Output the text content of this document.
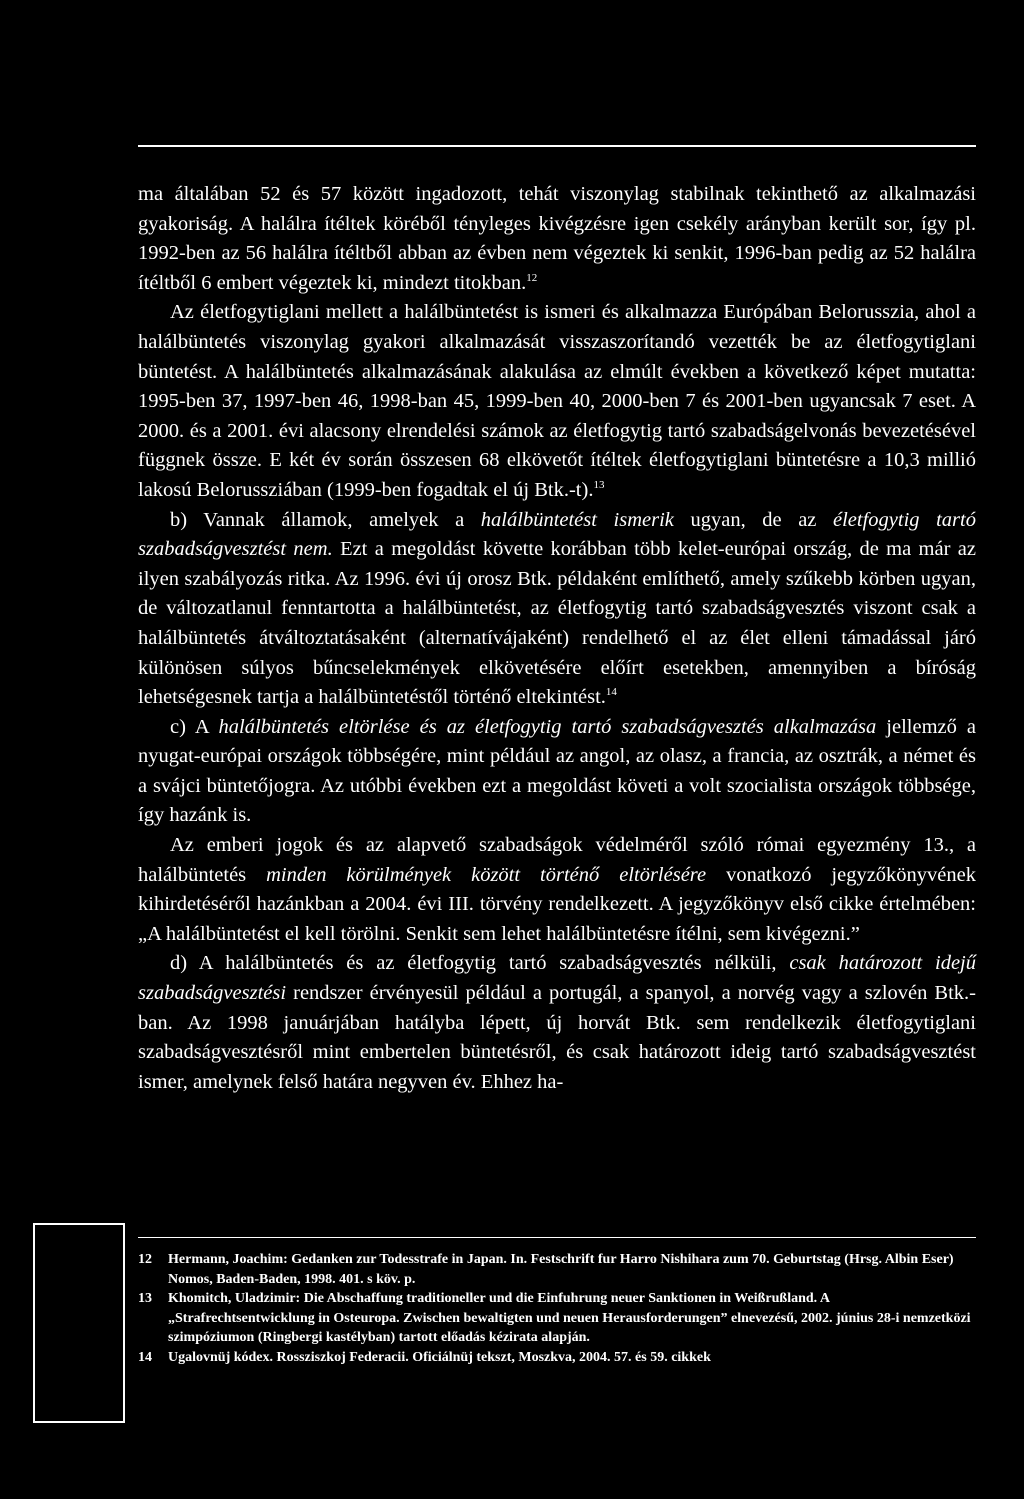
ma általában 52 és 57 között ingadozott, tehát viszonylag stabilnak tekinthető az alkalmazási gyakoriság. A halálra ítéltek köréből tényleges kivégzésre igen csekély arányban került sor, így pl. 1992-ben az 56 halálra ítéltből abban az évben nem végeztek ki senkit, 1996-ban pedig az 52 halálra ítéltből 6 embert végeztek ki, mindezt titokban.$^{12}$

Az életfogytiglani mellett a halálbüntetést is ismeri és alkalmazza Európában Belorusszia, ahol a halálbüntetés viszonylag gyakori alkalmazását visszaszorítandó vezették be az életfogytiglani büntetést. A halálbüntetés alkalmazásának alakulása az elmúlt években a következő képet mutatta: 1995-ben 37, 1997-ben 46, 1998-ban 45, 1999-ben 40, 2000-ben 7 és 2001-ben ugyancsak 7 eset. A 2000. és a 2001. évi alacsony elrendelési számok az életfogytig tartó szabadságelvonás bevezetésével függnek össze. E két év során összesen 68 elkövetőt ítéltek életfogytiglani büntetésre a 10,3 millió lakosú Belorussziában (1999-ben fogadtak el új Btk.-t).$^{13}$

b) Vannak államok, amelyek a halálbüntetést ismerik ugyan, de az életfogytig tartó szabadságvesztést nem. Ezt a megoldást követte korábban több kelet-európai ország, de ma már az ilyen szabályozás ritka. Az 1996. évi új orosz Btk. példaként említhető, amely szűkebb körben ugyan, de változatlanul fenntartotta a halálbüntetést, az életfogytig tartó szabadságvesztés viszont csak a halálbüntetés átváltoztatásaként (alternatívájaként) rendelhető el az élet elleni támadással járó különösen súlyos bűncselekmények elkövetésére előírt esetekben, amennyiben a bíróság lehetségesnek tartja a halálbüntetéstől történő eltekintést.$^{14}$

c) A halálbüntetés eltörlése és az életfogytig tartó szabadságvesztés alkalmazása jellemző a nyugat-európai országok többségére, mint például az angol, az olasz, a francia, az osztrák, a német és a svájci büntetőjogra. Az utóbbi években ezt a megoldást követi a volt szocialista országok többsége, így hazánk is.

Az emberi jogok és az alapvető szabadságok védelméről szóló római egyezmény 13., a halálbüntetés minden körülmények között történő eltörlésére vonatkozó jegyzőkönyvének kihirdetéséről hazánkban a 2004. évi III. törvény rendelkezett. A jegyzőkönyv első cikke értelmében: „A halálbüntetést el kell törölni. Senkit sem lehet halálbüntetésre ítélni, sem kivégezni.”

d) A halálbüntetés és az életfogytig tartó szabadságvesztés nélküli, csak határozott idejű szabadságvesztési rendszer érvényesül például a portugál, a spanyol, a norvég vagy a szlovén Btk.-ban. Az 1998 januárjában hatályba lépett, új horvát Btk. sem rendelkezik életfogytiglani szabadságvesztésről mint embertelen büntetésről, és csak határozott ideig tartó szabadságvesztést ismer, amelynek felső határa negyven év. Ehhez ha-

12	Hermann, Joachim: Gedanken zur Todesstrafe in Japan. In. Festschrift fur Harro Nishihara zum 70. Geburtstag (Hrsg. Albin Eser) Nomos, Baden-Baden, 1998. 401. s köv. p.
13	Khomitch, Uladzimir: Die Abschaffung traditioneller und die Einfuhrung neuer Sanktionen in Weißrußland. A „Strafrechtsentwicklung in Osteuropa. Zwischen bewaltigten und neuen Herausforderungen” elnevezésű, 2002. június 28-i nemzetközi szimpóziumon (Ringbergi kastélyban) tartott előadás kézirata alapján.
14	Ugalovnüj kódex. Rossziszkoj Federacii. Oficiálnüj tekszt, Moszkva, 2004. 57. és 59. cikkek
